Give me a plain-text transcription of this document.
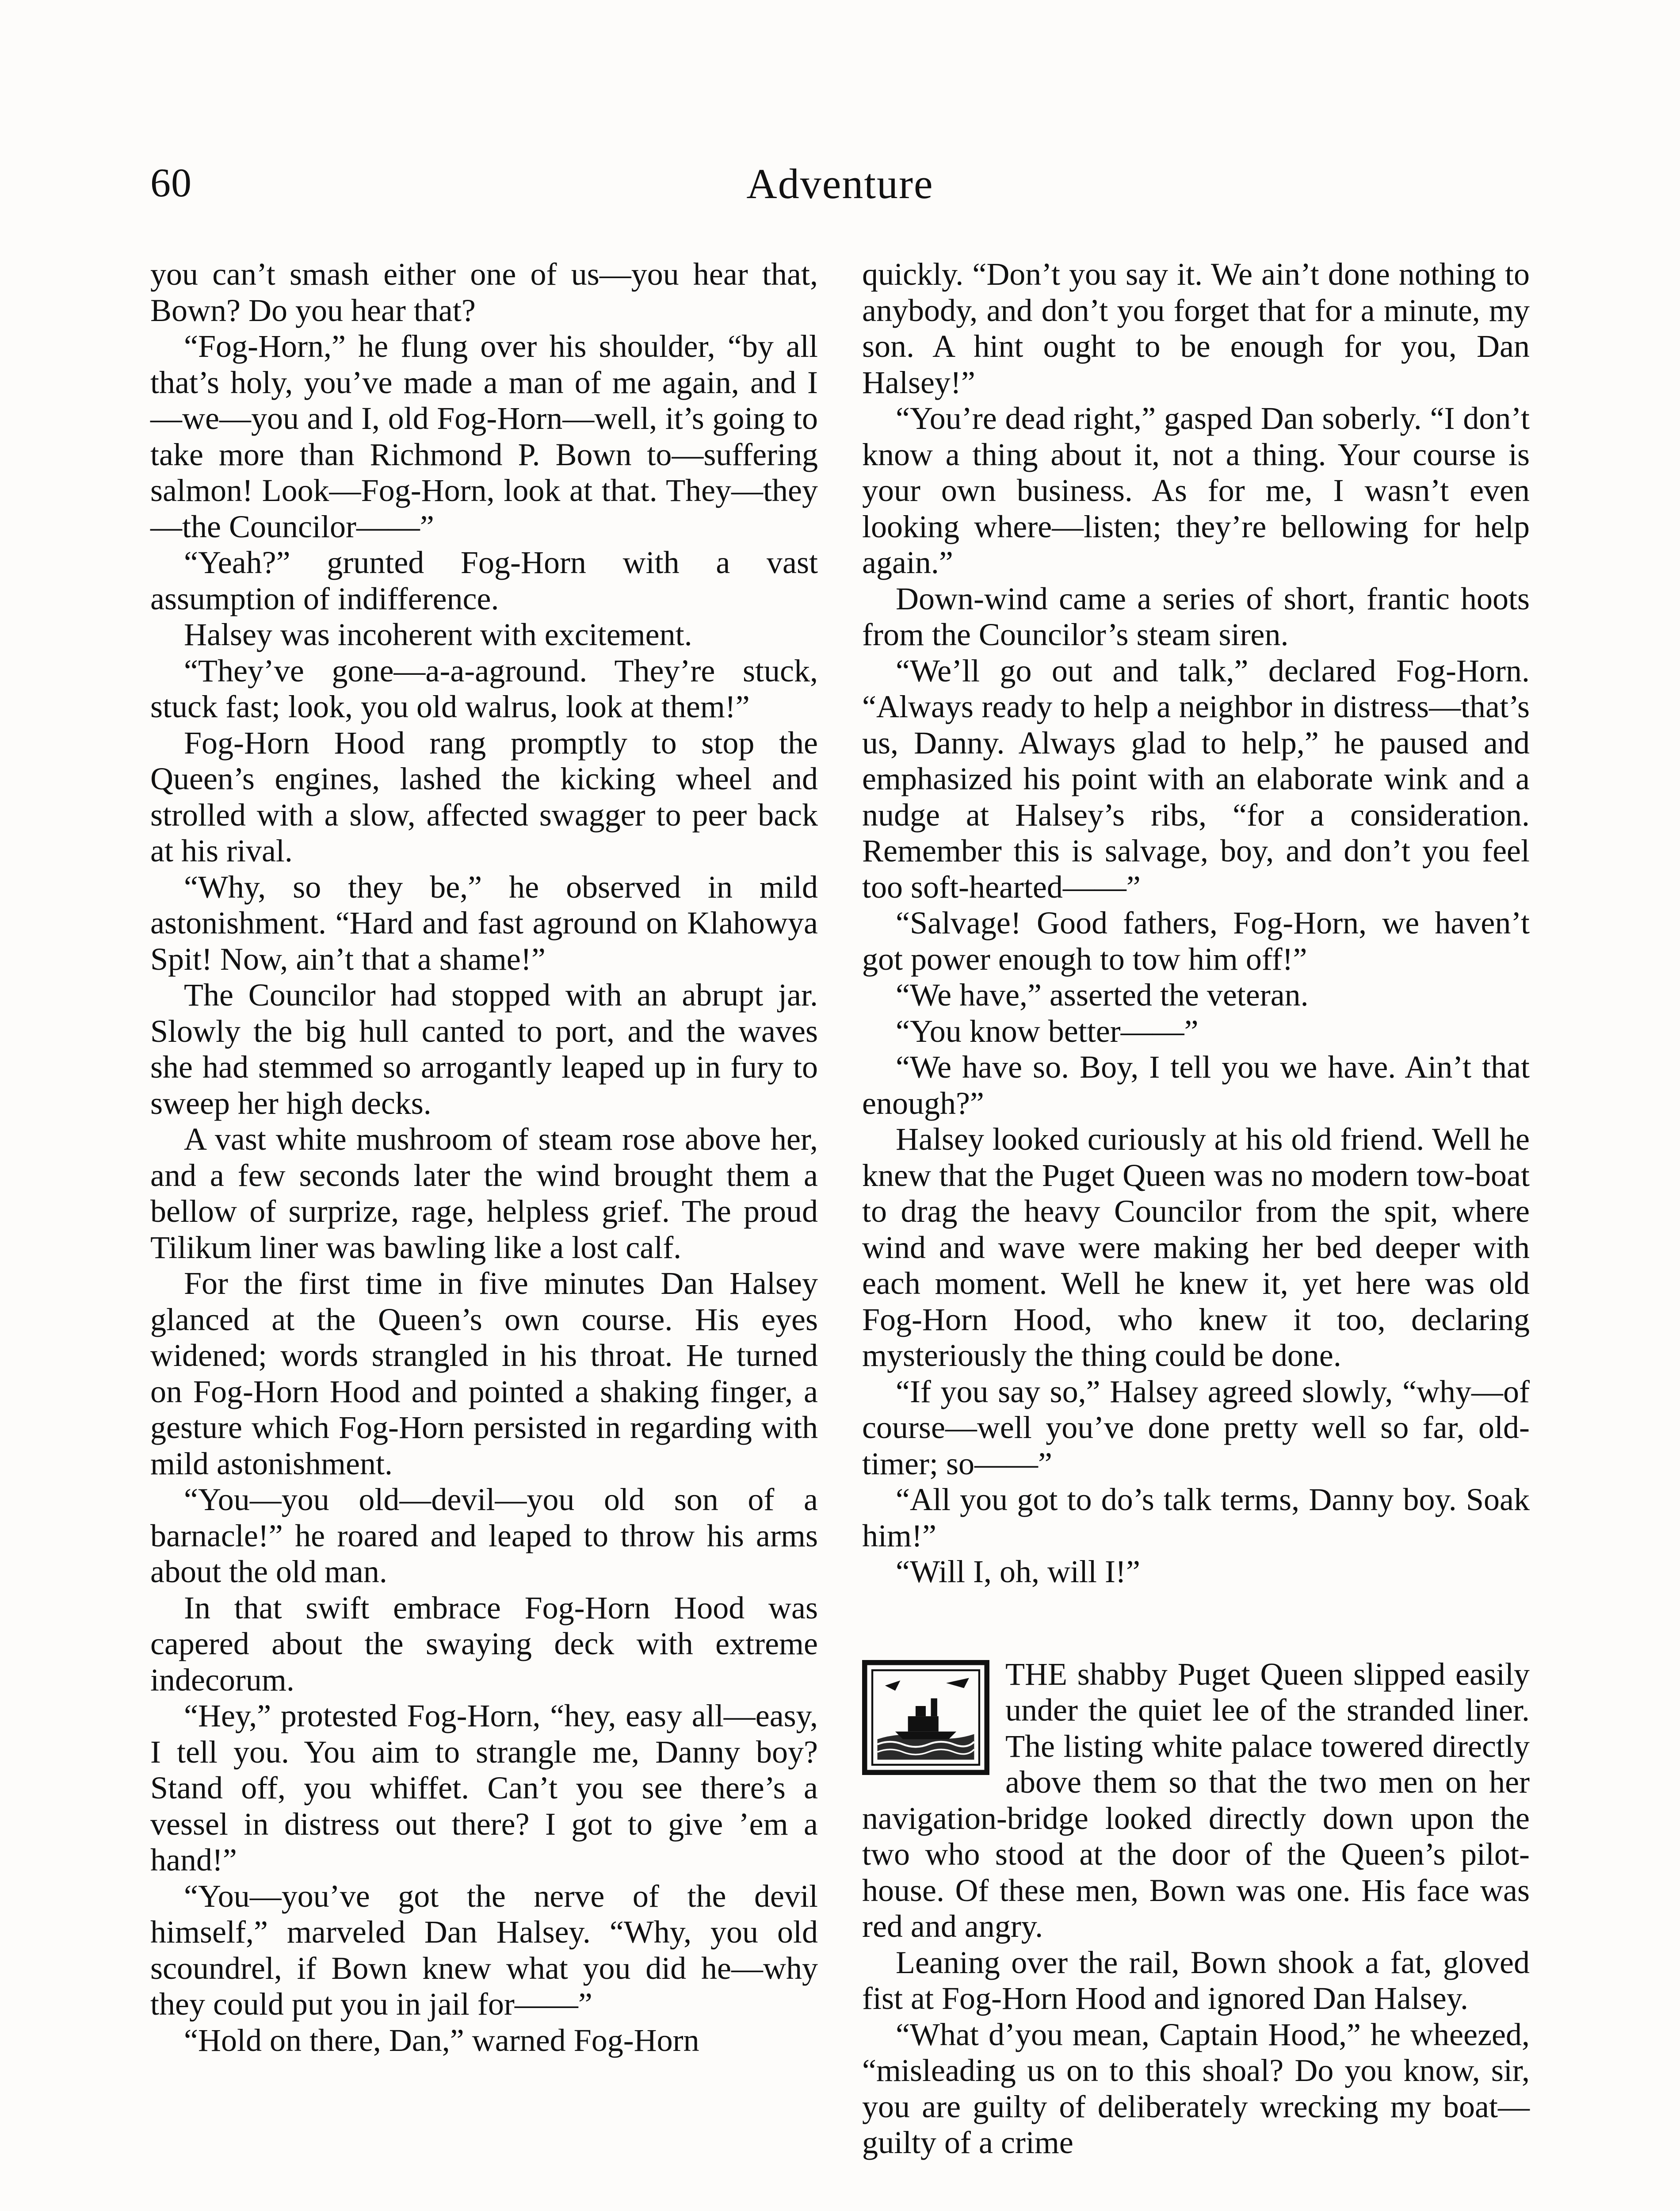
60	Adventure

you can’t smash either one of us—you hear that, Bown? Do you hear that?

“Fog-Horn,” he flung over his shoulder, “by all that’s holy, you’ve made a man of me again, and I—we—you and I, old Fog-Horn—well, it’s going to take more than Richmond P. Bown to—suffering salmon! Look—Fog-Horn, look at that. They—they—the Councilor——”

“Yeah?” grunted Fog-Horn with a vast assumption of indifference.

Halsey was incoherent with excitement.

“They’ve gone—a-a-aground. They’re stuck, stuck fast; look, you old walrus, look at them!”

Fog-Horn Hood rang promptly to stop the Queen’s engines, lashed the kicking wheel and strolled with a slow, affected swagger to peer back at his rival.

“Why, so they be,” he observed in mild astonishment. “Hard and fast aground on Klahowya Spit! Now, ain’t that a shame!”

The Councilor had stopped with an abrupt jar. Slowly the big hull canted to port, and the waves she had stemmed so arrogantly leaped up in fury to sweep her high decks.

A vast white mushroom of steam rose above her, and a few seconds later the wind brought them a bellow of surprize, rage, helpless grief. The proud Tilikum liner was bawling like a lost calf.

For the first time in five minutes Dan Halsey glanced at the Queen’s own course. His eyes widened; words strangled in his throat. He turned on Fog-Horn Hood and pointed a shaking finger, a gesture which Fog-Horn persisted in regarding with mild astonishment.

“You—you old—devil—you old son of a barnacle!” he roared and leaped to throw his arms about the old man.

In that swift embrace Fog-Horn Hood was capered about the swaying deck with extreme indecorum.

“Hey,” protested Fog-Horn, “hey, easy all—easy, I tell you. You aim to strangle me, Danny boy? Stand off, you whiffet. Can’t you see there’s a vessel in distress out there? I got to give ’em a hand!”

“You—you’ve got the nerve of the devil himself,” marveled Dan Halsey. “Why, you old scoundrel, if Bown knew what you did he—why they could put you in jail for——”

“Hold on there, Dan,” warned Fog-Horn

quickly. “Don’t you say it. We ain’t done nothing to anybody, and don’t you forget that for a minute, my son. A hint ought to be enough for you, Dan Halsey!”

“You’re dead right,” gasped Dan soberly. “I don’t know a thing about it, not a thing. Your course is your own business. As for me, I wasn’t even looking where—listen; they’re bellowing for help again.”

Down-wind came a series of short, frantic hoots from the Councilor’s steam siren.

“We’ll go out and talk,” declared Fog-Horn. “Always ready to help a neighbor in distress—that’s us, Danny. Always glad to help,” he paused and emphasized his point with an elaborate wink and a nudge at Halsey’s ribs, “for a consideration. Remember this is salvage, boy, and don’t you feel too soft-hearted——”

“Salvage! Good fathers, Fog-Horn, we haven’t got power enough to tow him off!”

“We have,” asserted the veteran.

“You know better——”

“We have so. Boy, I tell you we have. Ain’t that enough?”

Halsey looked curiously at his old friend. Well he knew that the Puget Queen was no modern tow-boat to drag the heavy Councilor from the spit, where wind and wave were making her bed deeper with each moment. Well he knew it, yet here was old Fog-Horn Hood, who knew it too, declaring mysteriously the thing could be done.

“If you say so,” Halsey agreed slowly, “why—of course—well you’ve done pretty well so far, old-timer; so——”

“All you got to do’s talk terms, Danny boy. Soak him!”

“Will I, oh, will I!”

THE shabby Puget Queen slipped easily under the quiet lee of the stranded liner. The listing white palace towered directly above them so that the two men on her navigation-bridge looked directly down upon the two who stood at the door of the Queen’s pilot-house. Of these men, Bown was one. His face was red and angry.

Leaning over the rail, Bown shook a fat, gloved fist at Fog-Horn Hood and ignored Dan Halsey.

“What d’you mean, Captain Hood,” he wheezed, “misleading us on to this shoal? Do you know, sir, you are guilty of deliberately wrecking my boat—guilty of a crime
